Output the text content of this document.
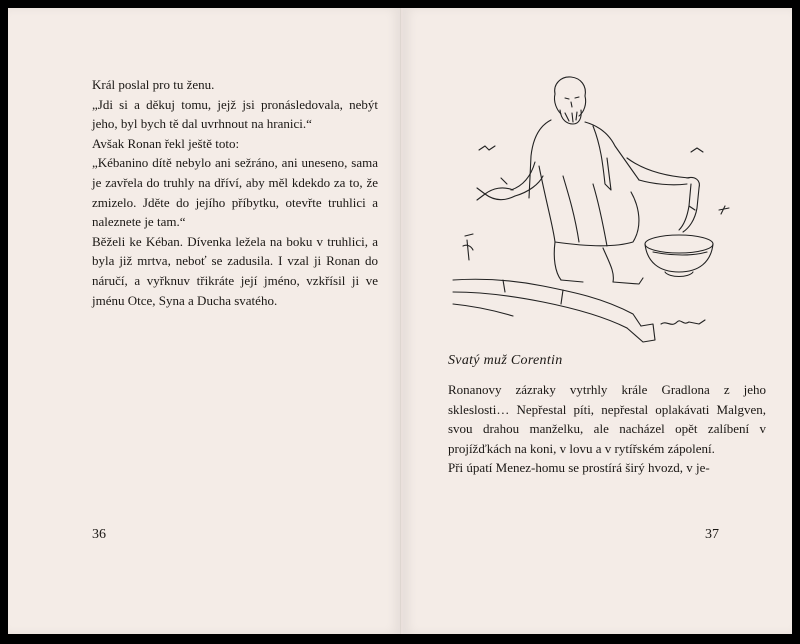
Král poslal pro tu ženu.

„Jdi si a děkuj tomu, jejž jsi pronásledovala, nebýt jeho, byl bych tě dal uvrhnout na hranici.“

Avšak Ronan řekl ještě toto:

„Kébanino dítě nebylo ani sežráno, ani uneseno, sama je zavřela do truhly na dříví, aby měl kdekdo za to, že zmizelo. Jděte do jejího příbytku, otevřte truhlici a naleznete je tam.“

Běželi ke Kéban. Dívenka ležela na boku v truhlici, a byla již mrtva, neboť se zadusila. I vzal ji Ronan do náručí, a vyřknuv třikráte její jméno, vzkřísil ji ve jménu Otce, Syna a Ducha svatého.

36
Svatý muž Corentin

Ronanovy zázraky vytrhly krále Gradlona z jeho skleslosti… Nepřestal píti, nepřestal oplakávati Malgven, svou drahou manželku, ale nacházel opět zalíbení v projížďkách na koni, v lovu a v rytířském zápolení.

Při úpatí Menez-homu se prostírá širý hvozd, v je-

37
